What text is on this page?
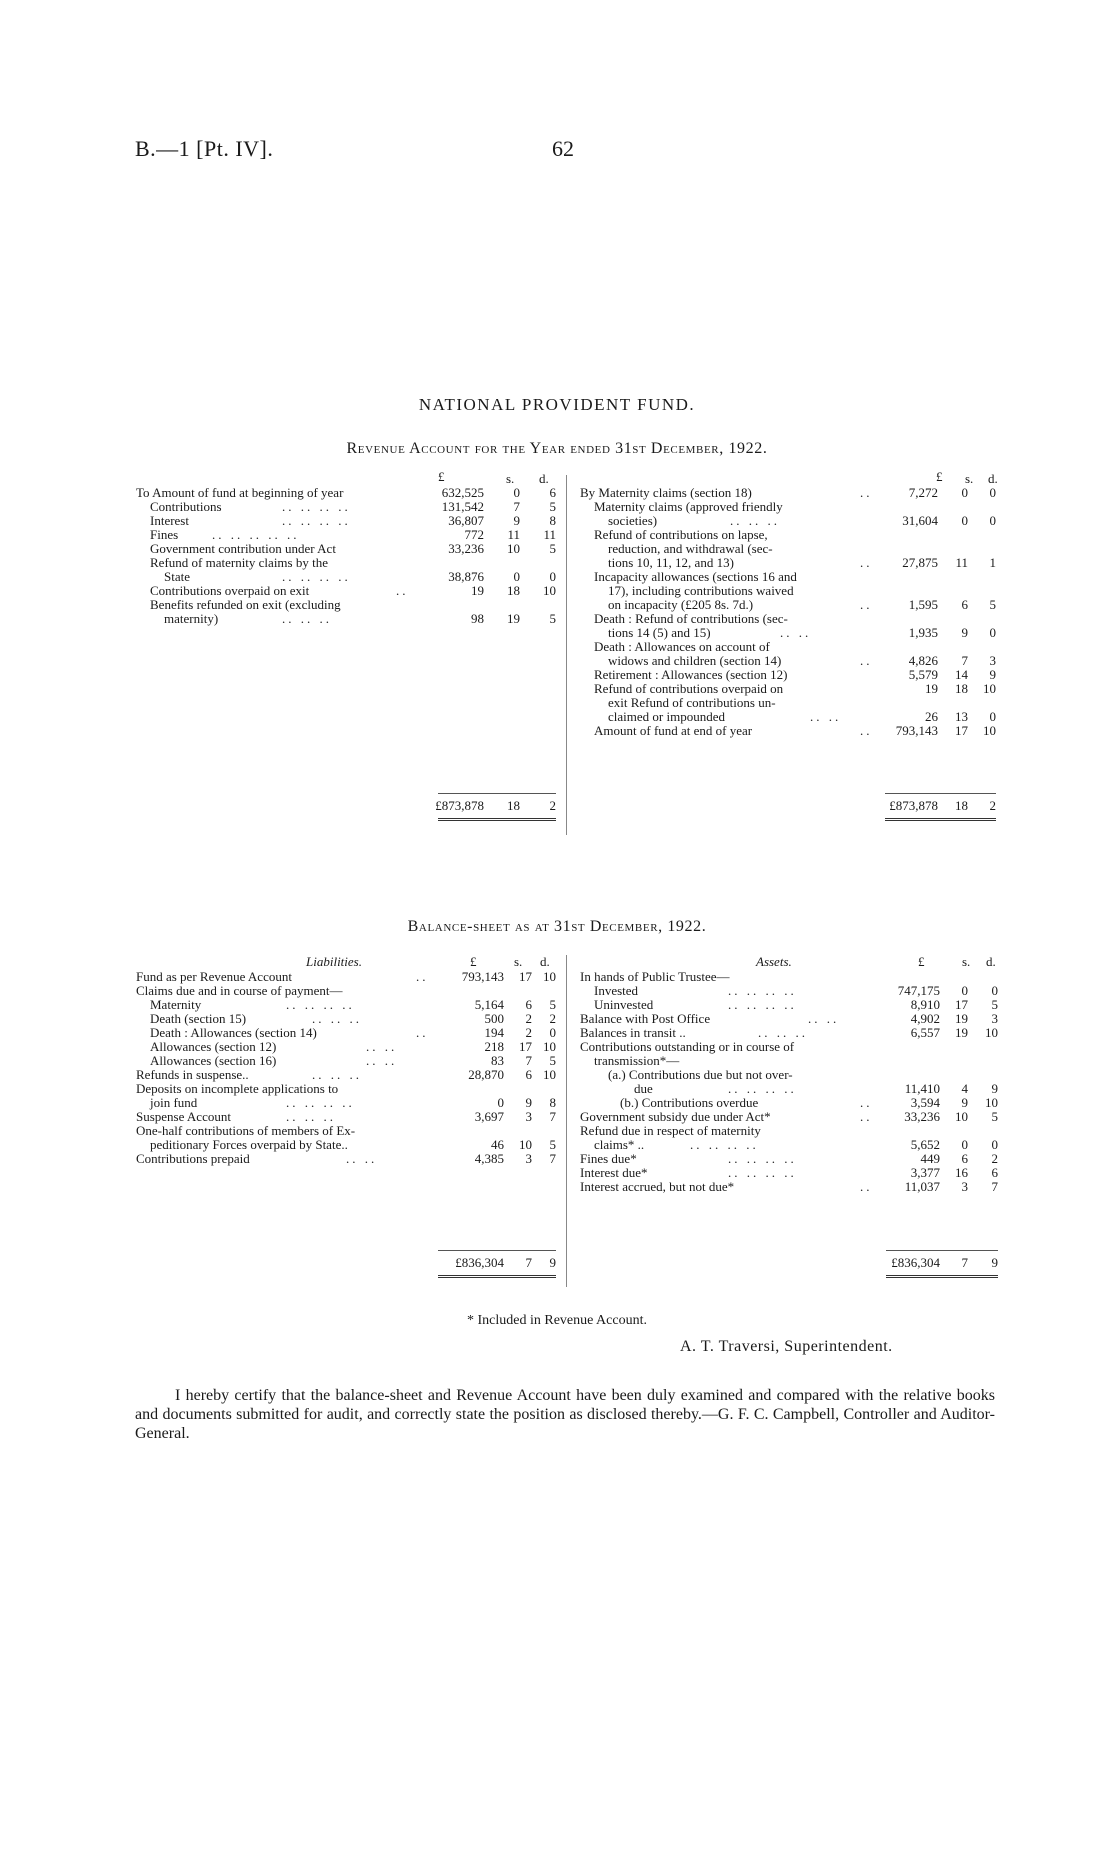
B.—1 [Pt. IV].	62
NATIONAL PROVIDENT FUND.
Revenue Account for the Year ended 31st December, 1922.
£	s. d.	£ s. d.
To Amount of fund at beginning of year	632,525 0 6
Contributions	.. .. .. ..	131,542 7 5
Interest	.. .. .. ..	36,807 9 8
Fines	.. .. .. .. ..	772 11 11
Government contribution under Act	33,236 10 5
Refund of maternity claims by the
State	.. .. .. ..	38,876 0 0
Contributions overpaid on exit	..	19 18 10
Benefits refunded on exit (excluding
maternity)	.. .. ..	98 19 5
£873,878 18 2
By Maternity claims (section 18)	..	7,272 0 0
Maternity claims (approved friendly
societies)	.. .. ..	31,604 0 0
Refund of contributions on lapse,
reduction, and withdrawal (sec-
tions 10, 11, 12, and 13)	.. 27,875 11 1
Incapacity allowances (sections 16 and
17), including contributions waived
on incapacity (£205 8s. 7d.)	..	1,595 6 5
Death : Refund of contributions (sec-
tions 14 (5) and 15)	.. ..	1,935 9 0
Death : Allowances on account of
widows and children (section 14)	..	4,826 7 3
Retirement : Allowances (section 12)	5,579 14 9
Refund of contributions overpaid on	19 18 10
exit Refund of contributions un-
claimed or impounded	.. ..	26 13 0
Amount of fund at end of year	.. 793,143 17 10
£873,878 18 2
Balance-sheet as at 31st December, 1922.
Liabilities.	£	s. d.	Assets.	£	s. d.
Fund as per Revenue Account	..	793,143 17 10
Claims due and in course of payment—
Maternity	.. .. .. ..	5,164 6 5
Death (section 15)	.. .. ..	500 2 2
Death : Allowances (section 14)	..	194 2 0
Allowances (section 12)	.. ..	218 17 10
Allowances (section 16)	.. ..	83 7 5
Refunds in suspense..	.. .. ..	28,870 6 10
Deposits on incomplete applications to
join fund	.. .. .. ..	0 9 8
Suspense Account	.. .. ..	3,697 3 7
One-half contributions of members of Ex-
peditionary Forces overpaid by State..	46 10 5
Contributions prepaid	.. ..	4,385 3 7
£836,304 7 9
In hands of Public Trustee—
Invested	.. .. .. ..	747,175 0 0
Uninvested	.. .. .. ..	8,910 17 5
Balance with Post Office	.. ..	4,902 19 3
Balances in transit ..	.. .. ..	6,557 19 10
Contributions outstanding or in course of
transmission*—
(a.) Contributions due but not over-
due	.. .. .. ..	11,410 4 9
(b.) Contributions overdue	..	3,594 9 10
Government subsidy due under Act*	.. 33,236 10 5
Refund due in respect of maternity
claims* ..	.. .. .. ..	5,652 0 0
Fines due*	.. .. .. ..	449 6 2
Interest due*	.. .. .. ..	3,377 16 6
Interest accrued, but not due*	.. 11,037 3 7
£836,304 7 9
* Included in Revenue Account.
A. T. Traversi, Superintendent.
I hereby certify that the balance-sheet and Revenue Account have been duly examined and compared with the relative books and documents submitted for audit, and correctly state the position as disclosed thereby.—G. F. C. Campbell, Controller and Auditor-General.
